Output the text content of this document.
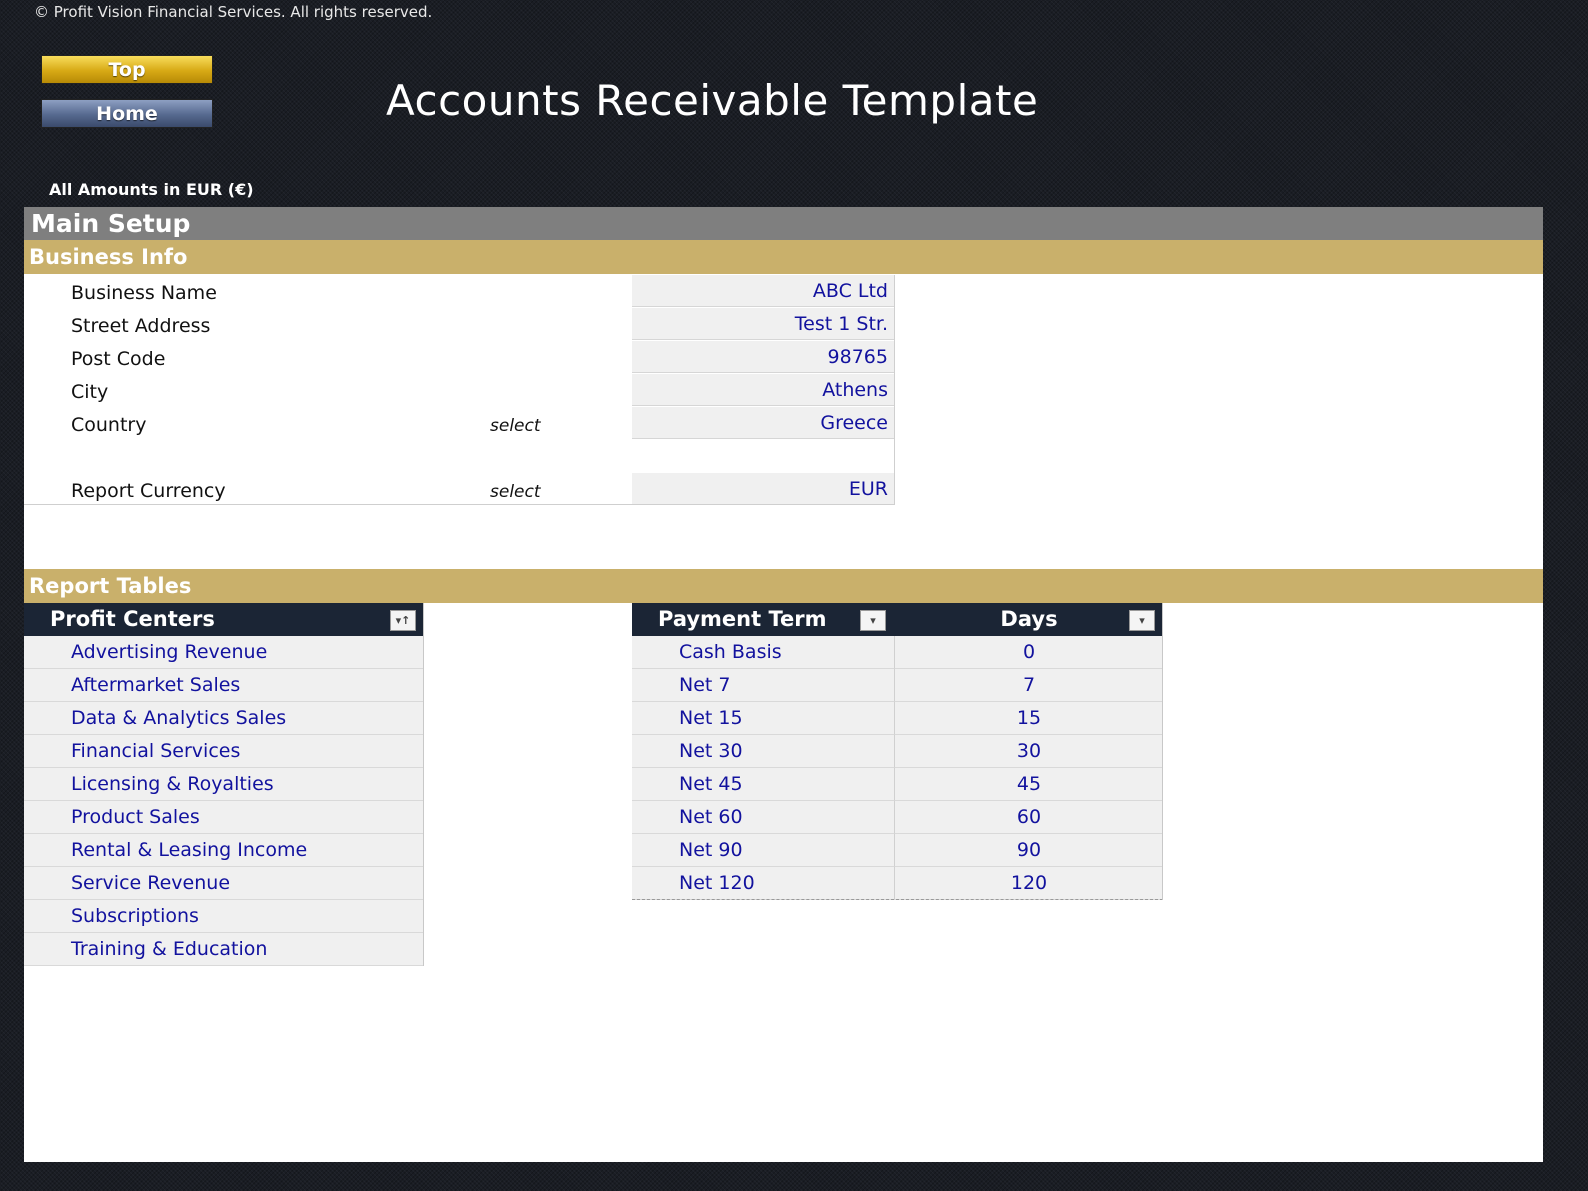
© Profit Vision Financial Services. All rights reserved.
Top
Home	Accounts Receivable Template
All Amounts in EUR (€)
Main Setup
Business Info
Business Name	ABC Ltd
Street Address	Test 1 Str.
Post Code	98765
City	Athens
Country	select	Greece
Report Currency	select	EUR
Report Tables
Profit Centers	▾↑
Advertising Revenue
Aftermarket Sales
Data & Analytics Sales
Financial Services
Licensing & Royalties
Product Sales
Rental & Leasing Income
Service Revenue
Subscriptions
Training & Education
Payment Term	▾	Days	▾
Cash Basis	0
Net 7	7
Net 15	15
Net 30	30
Net 45	45
Net 60	60
Net 90	90
Net 120	120
